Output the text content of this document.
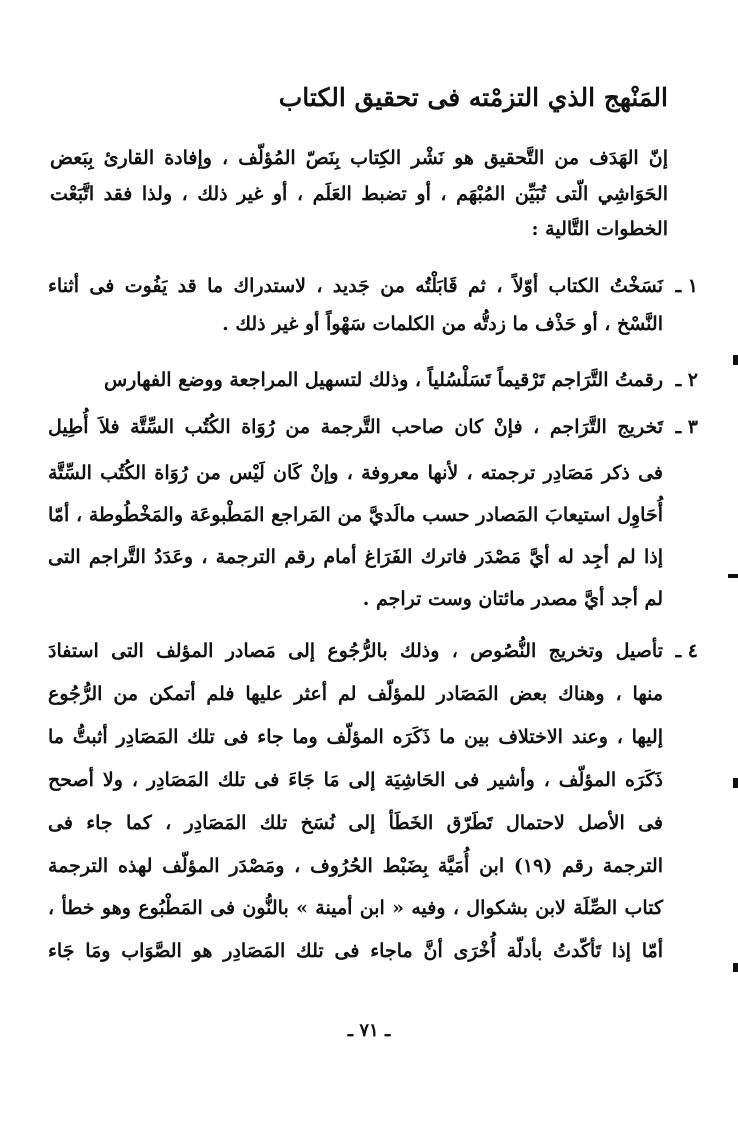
المَنْهج الذي التزمْته فى تحقيق الكتاب
إنّ الهَدَف من التَّحقيق هو نَشْر الكِتاب بِنَصّ المُؤلّف ، وإفادة القارئ بِبَعض
الحَوَاشِي الّتى تُبَيِّن المُبْهَم ، أو تضبط العَلَم ، أو غير ذلك ، ولذا فقد اتَّبَعْت
الخطوات التَّالية :
١ ـ
نَسَخْتُ الكتاب أوّلاً ، ثم قَابَلْتُه من جَديد ، لاستدراك ما قد يَفُوت فى أثناء
النَّسْخ ، أو حَذْف ما زدتُّه من الكلمات سَهْواً أو غير ذلك .
٢ ـ
رقمتُ التَّرَاجم تَرْقيماً تَسَلْسُلياً ، وذلك لتسهيل المراجعة ووضع الفهارس
٣ ـ
تَخريج التَّرَاجم ، فإنْ كان صاحب التَّرجمة من رُوَاة الكُتُب السِّتَّة فلاَ أُطِيل
فى ذكر مَصَادِر ترجمته ، لأنها معروفة ، وإنْ كَان لَيْس من رُوَاة الكُتُب السِّتَّة
أُحَاوِل استيعابَ المَصادر حسب مالَديَّ من المَراجع المَطْبوعَة والمَخْطُوطة ، أمّا
إذا لم أجِد له أيَّ مَصْدَر فاترك الفَرَاغ أمام رقم الترجمة ، وعَدَدُ التَّراجم التى
لم أجد أيَّ مصدر مائتان وست تراجم .
٤ ـ
تأصيل وتخريج النُّصُوص ، وذلك بالرُّجُوع إلى مَصادر المؤلف التى استفادَ
منها ، وهناك بعض المَصَادر للمؤلّف لم أعثر عليها فلم أتمكن من الرُّجُوع
إليها ، وعند الاختلاف بين ما ذَكَرَه المؤلّف وما جاء فى تلك المَصَادِر أثبتُّ ما
ذَكَرَه المؤلّف ، وأشير فى الحَاشِيَة إلى مَا جَاءَ فى تلك المَصَادِر ، ولا أصحح
فى الأصل لاحتمال تَطَرّق الخَطَأ إلى نُسَخ تلك المَصَادِر ، كما جاء فى
الترجمة رقم (١٩) ابن أُمَيَّة بِضَبْط الحُرُوف ، ومَصْدَر المؤلّف لهذه الترجمة
كتاب الصِّلَة لابن بشكوال ، وفيه « ابن أمينة » بالنُّون فى المَطْبُوع وهو خطأ ،
أمّا إذا تَأكّدتُ بأدلّة أُخْرَى أنَّ ماجاء فى تلك المَصَادِر هو الصَّوَاب ومَا جَاء
ـ ٧١ ـ
